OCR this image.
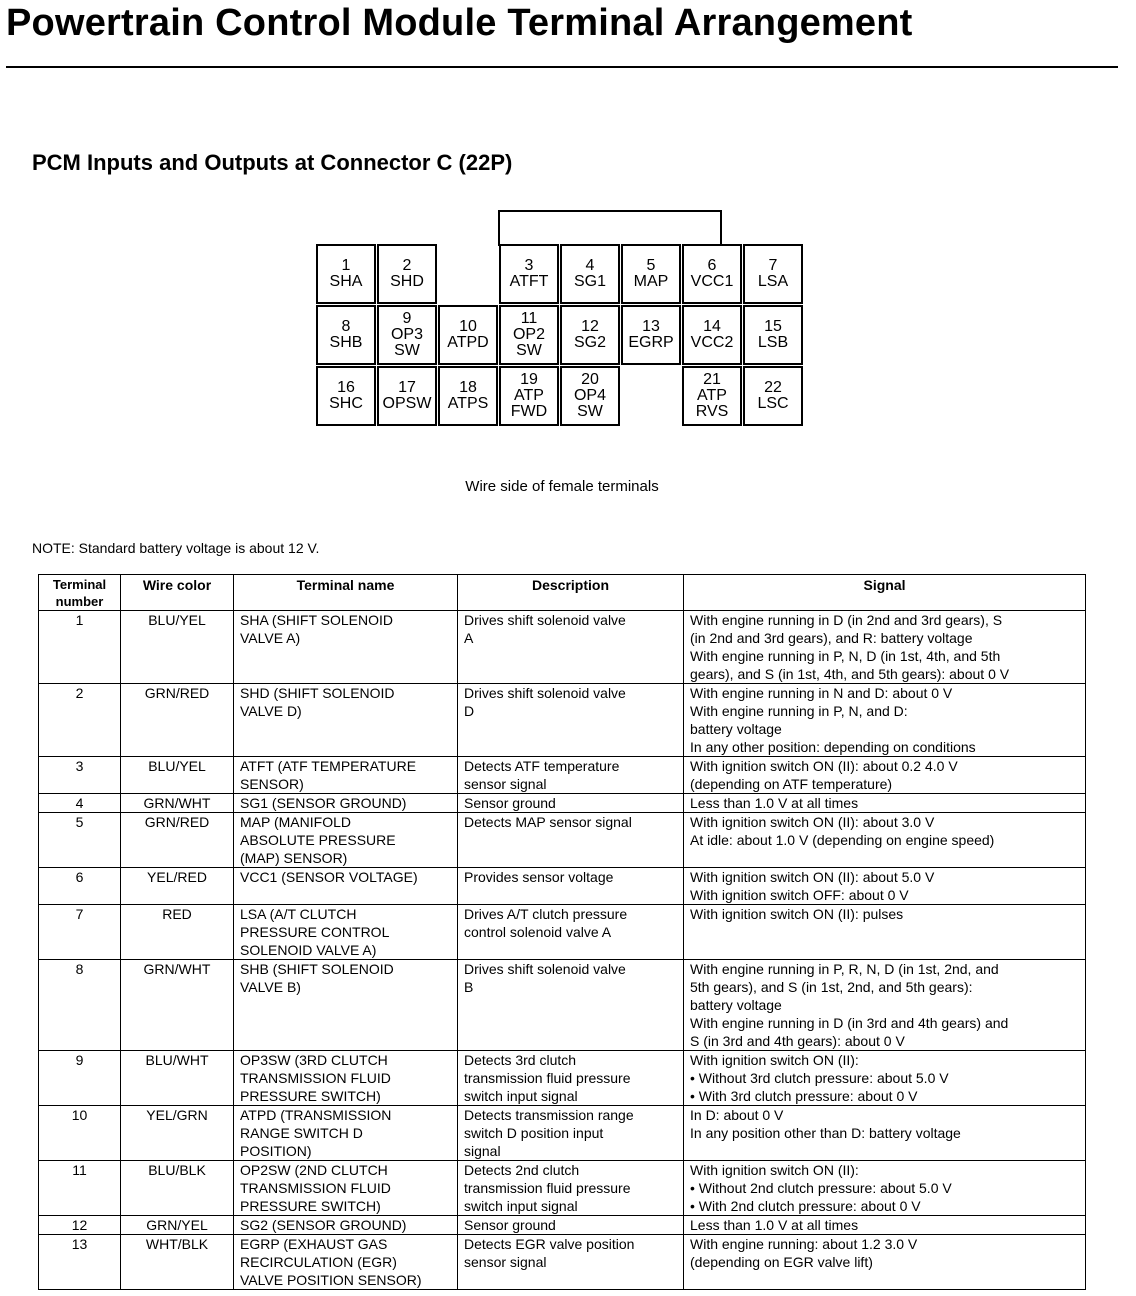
Powertrain Control Module Terminal Arrangement
PCM Inputs and Outputs at Connector C (22P)
1
SHA
2
SHD
3
ATFT
4
SG1
5
MAP
6
VCC1
7
LSA
8
SHB
9
OP3
SW
10
ATPD
11
OP2
SW
12
SG2
13
EGRP
14
VCC2
15
LSB
16
SHC
17
OPSW
18
ATPS
19
ATP
FWD
20
OP4
SW
21
ATP
RVS
22
LSC
Wire side of female terminals
NOTE: Standard battery voltage is about 12 V.
Terminal number	Wire color	Terminal name	Description	Signal
1	BLU/YEL	SHA (SHIFT SOLENOID
VALVE A)	Drives shift solenoid valve
A	With engine running in D (in 2nd and 3rd gears), S
(in 2nd and 3rd gears), and R: battery voltage
With engine running in P, N, D (in 1st, 4th, and 5th
gears), and S (in 1st, 4th, and 5th gears): about 0 V

2	GRN/RED	SHD (SHIFT SOLENOID
VALVE D)	Drives shift solenoid valve
D	With engine running in N and D: about 0 V
With engine running in P, N, and D:
battery voltage
In any other position: depending on conditions

3	BLU/YEL	ATFT (ATF TEMPERATURE
SENSOR)	Detects ATF temperature
sensor signal	With ignition switch ON (II): about 0.2 4.0 V
(depending on ATF temperature)

4	GRN/WHT	SG1 (SENSOR GROUND)	Sensor ground	Less than 1.0 V at all times

5	GRN/RED	MAP (MANIFOLD
ABSOLUTE PRESSURE
(MAP) SENSOR)	Detects MAP sensor signal	With ignition switch ON (II): about 3.0 V
At idle: about 1.0 V (depending on engine speed)

6	YEL/RED	VCC1 (SENSOR VOLTAGE)	Provides sensor voltage	With ignition switch ON (II): about 5.0 V
With ignition switch OFF: about 0 V

7	RED	LSA (A/T CLUTCH
PRESSURE CONTROL
SOLENOID VALVE A)	Drives A/T clutch pressure
control solenoid valve A	With ignition switch ON (II): pulses

8	GRN/WHT	SHB (SHIFT SOLENOID
VALVE B)	Drives shift solenoid valve
B	With engine running in P, R, N, D (in 1st, 2nd, and
5th gears), and S (in 1st, 2nd, and 5th gears):
battery voltage
With engine running in D (in 3rd and 4th gears) and
S (in 3rd and 4th gears): about 0 V

9	BLU/WHT	OP3SW (3RD CLUTCH
TRANSMISSION FLUID
PRESSURE SWITCH)	Detects 3rd clutch
transmission fluid pressure
switch input signal	With ignition switch ON (II):
• Without 3rd clutch pressure: about 5.0 V
• With 3rd clutch pressure: about 0 V

10	YEL/GRN	ATPD (TRANSMISSION
RANGE SWITCH D
POSITION)	Detects transmission range
switch D position input
signal	In D: about 0 V
In any position other than D: battery voltage

11	BLU/BLK	OP2SW (2ND CLUTCH
TRANSMISSION FLUID
PRESSURE SWITCH)	Detects 2nd clutch
transmission fluid pressure
switch input signal	With ignition switch ON (II):
• Without 2nd clutch pressure: about 5.0 V
• With 2nd clutch pressure: about 0 V

12	GRN/YEL	SG2 (SENSOR GROUND)	Sensor ground	Less than 1.0 V at all times

13	WHT/BLK	EGRP (EXHAUST GAS
RECIRCULATION (EGR)
VALVE POSITION SENSOR)	Detects EGR valve position
sensor signal	With engine running: about 1.2 3.0 V
(depending on EGR valve lift)
